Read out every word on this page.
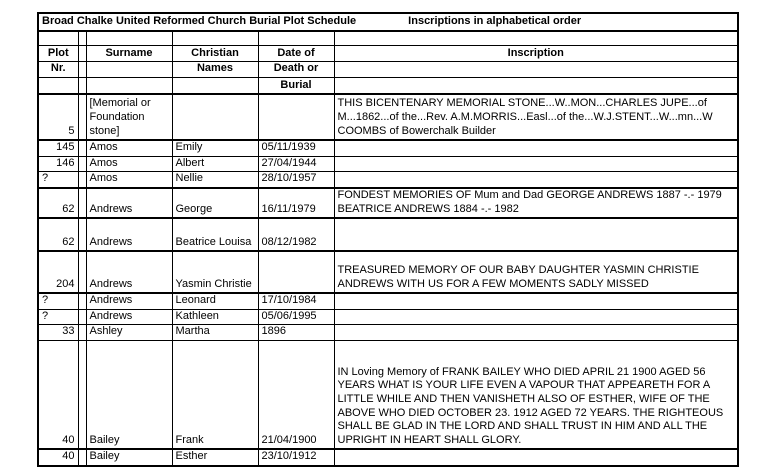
Broad Chalke United Reformed Church Burial Plot Schedule Inscriptions in alphabetical order					

Plot		Surname	Christian	Date of	Inscription
Nr.			Names	Death or	
				Burial	
5		[Memorial or Foundation stone]			THIS BICENTENARY MEMORIAL STONE...W..MON...CHARLES JUPE...of M...1862...of the...Rev. A.M.MORRIS...Easl...of the...W.J.STENT...W...mn...W COOMBS of Bowerchalk Builder
145		Amos	Emily	05/11/1939	
146		Amos	Albert	27/04/1944	
?		Amos	Nellie	28/10/1957	
62		Andrews	George	16/11/1979	FONDEST MEMORIES OF Mum and Dad GEORGE ANDREWS 1887 -.- 1979 BEATRICE ANDREWS 1884 -.- 1982
62		Andrews	Beatrice Louisa	08/12/1982	
204		Andrews	Yasmin Christie		TREASURED MEMORY OF OUR BABY DAUGHTER YASMIN CHRISTIE ANDREWS WITH US FOR A FEW MOMENTS SADLY MISSED
?		Andrews	Leonard	17/10/1984	
?		Andrews	Kathleen	05/06/1995	
33		Ashley	Martha	1896	
40		Bailey	Frank	21/04/1900	IN Loving Memory of FRANK BAILEY WHO DIED APRIL 21 1900 AGED 56 YEARS WHAT IS YOUR LIFE EVEN A VAPOUR THAT APPEARETH FOR A LITTLE WHILE AND THEN VANISHETH ALSO OF ESTHER, WIFE OF THE ABOVE WHO DIED OCTOBER 23. 1912 AGED 72 YEARS. THE RIGHTEOUS SHALL BE GLAD IN THE LORD AND SHALL TRUST IN HIM AND ALL THE UPRIGHT IN HEART SHALL GLORY.
40		Bailey	Esther	23/10/1912	
